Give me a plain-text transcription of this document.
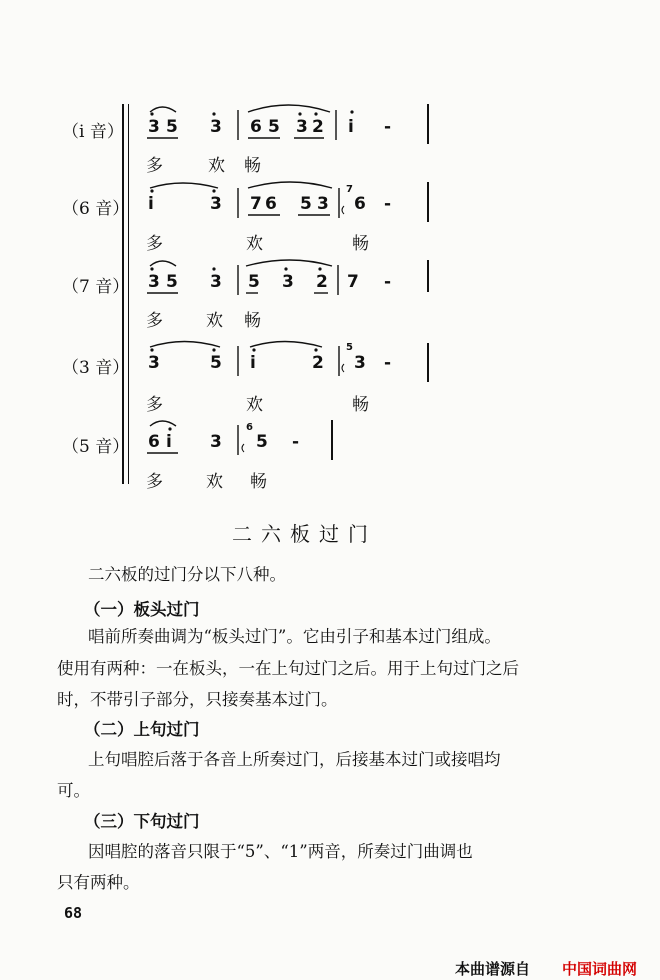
（i 音） 3 5 3 6 5 3 2 i -
多	欢 畅
（6 音） i	3 7 6 5 3
7
6 -
多	欢	畅
（7 音） 3 5 3 5 3 2 7 -
多	欢 畅
（3 音） 3	5 i	2
5
3 -
多	欢	畅
（5 音） 6 i 3
6
5 -
多	欢 畅
二六板过门
二六板的过门分以下八种。
（一）板头过门
唱前所奏曲调为“板头过门”。它由引子和基本过门组成。
使用有两种：一在板头，一在上句过门之后。用于上句过门之后
时，不带引子部分，只接奏基本过门。
（二）上句过门
上句唱腔后落于各音上所奏过门，后接基本过门或接唱均
可。
（三）下句过门
因唱腔的落音只限于“5”、“1”两音，所奏过门曲调也
只有两种。
68
本曲谱源自 中国词曲网
